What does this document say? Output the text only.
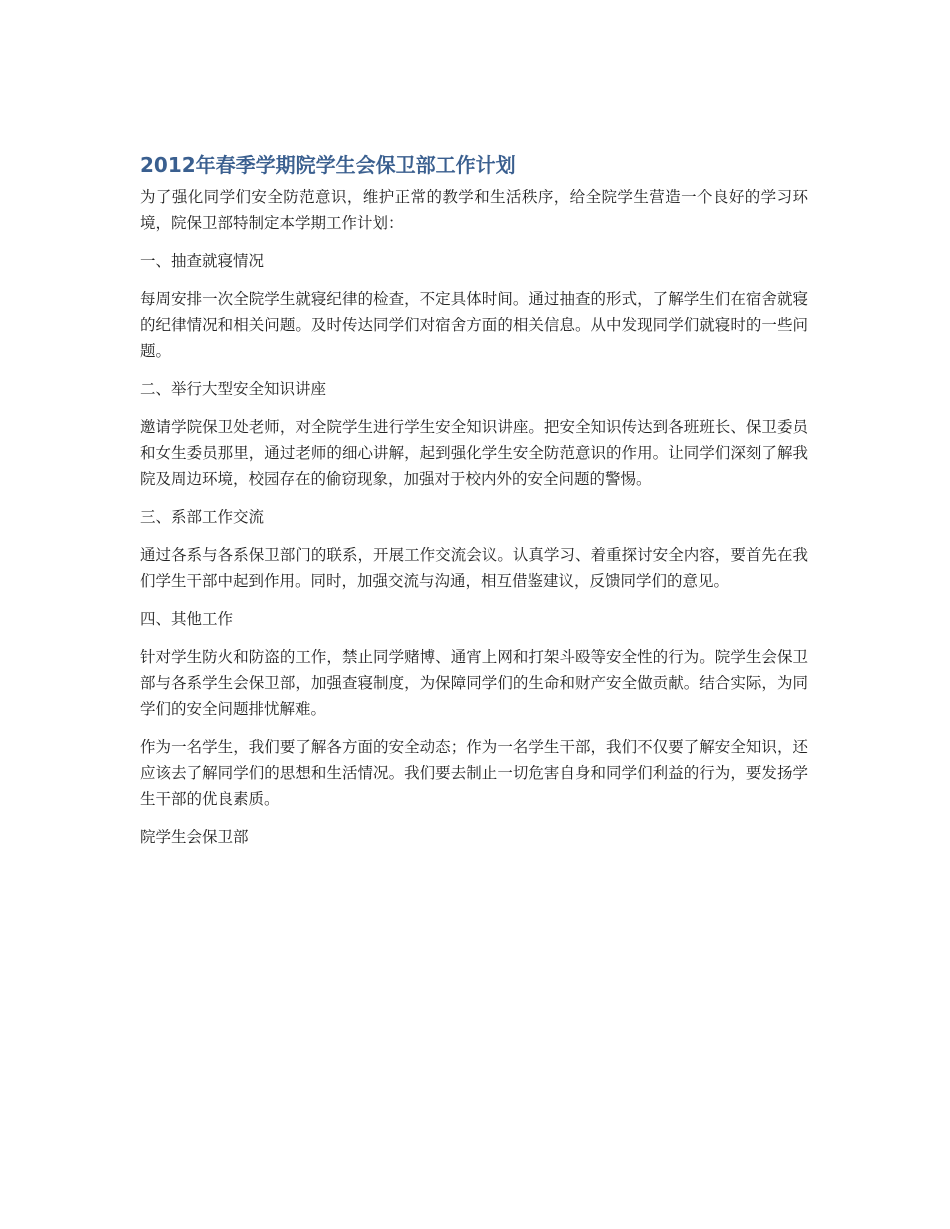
2012年春季学期院学生会保卫部工作计划

为了强化同学们安全防范意识，维护正常的教学和生活秩序，给全院学生营造一个良好的学习环境，院保卫部特制定本学期工作计划：

一、抽查就寝情况

每周安排一次全院学生就寝纪律的检查，不定具体时间。通过抽查的形式，了解学生们在宿舍就寝的纪律情况和相关问题。及时传达同学们对宿舍方面的相关信息。从中发现同学们就寝时的一些问题。

二、举行大型安全知识讲座

邀请学院保卫处老师，对全院学生进行学生安全知识讲座。把安全知识传达到各班班长、保卫委员和女生委员那里，通过老师的细心讲解，起到强化学生安全防范意识的作用。让同学们深刻了解我院及周边环境，校园存在的偷窃现象，加强对于校内外的安全问题的警惕。

三、系部工作交流

通过各系与各系保卫部门的联系，开展工作交流会议。认真学习、着重探讨安全内容，要首先在我们学生干部中起到作用。同时，加强交流与沟通，相互借鉴建议，反馈同学们的意见。

四、其他工作

针对学生防火和防盗的工作，禁止同学赌博、通宵上网和打架斗殴等安全性的行为。院学生会保卫部与各系学生会保卫部，加强查寝制度，为保障同学们的生命和财产安全做贡献。结合实际，为同学们的安全问题排忧解难。

作为一名学生，我们要了解各方面的安全动态；作为一名学生干部，我们不仅要了解安全知识，还应该去了解同学们的思想和生活情况。我们要去制止一切危害自身和同学们利益的行为，要发扬学生干部的优良素质。

院学生会保卫部
